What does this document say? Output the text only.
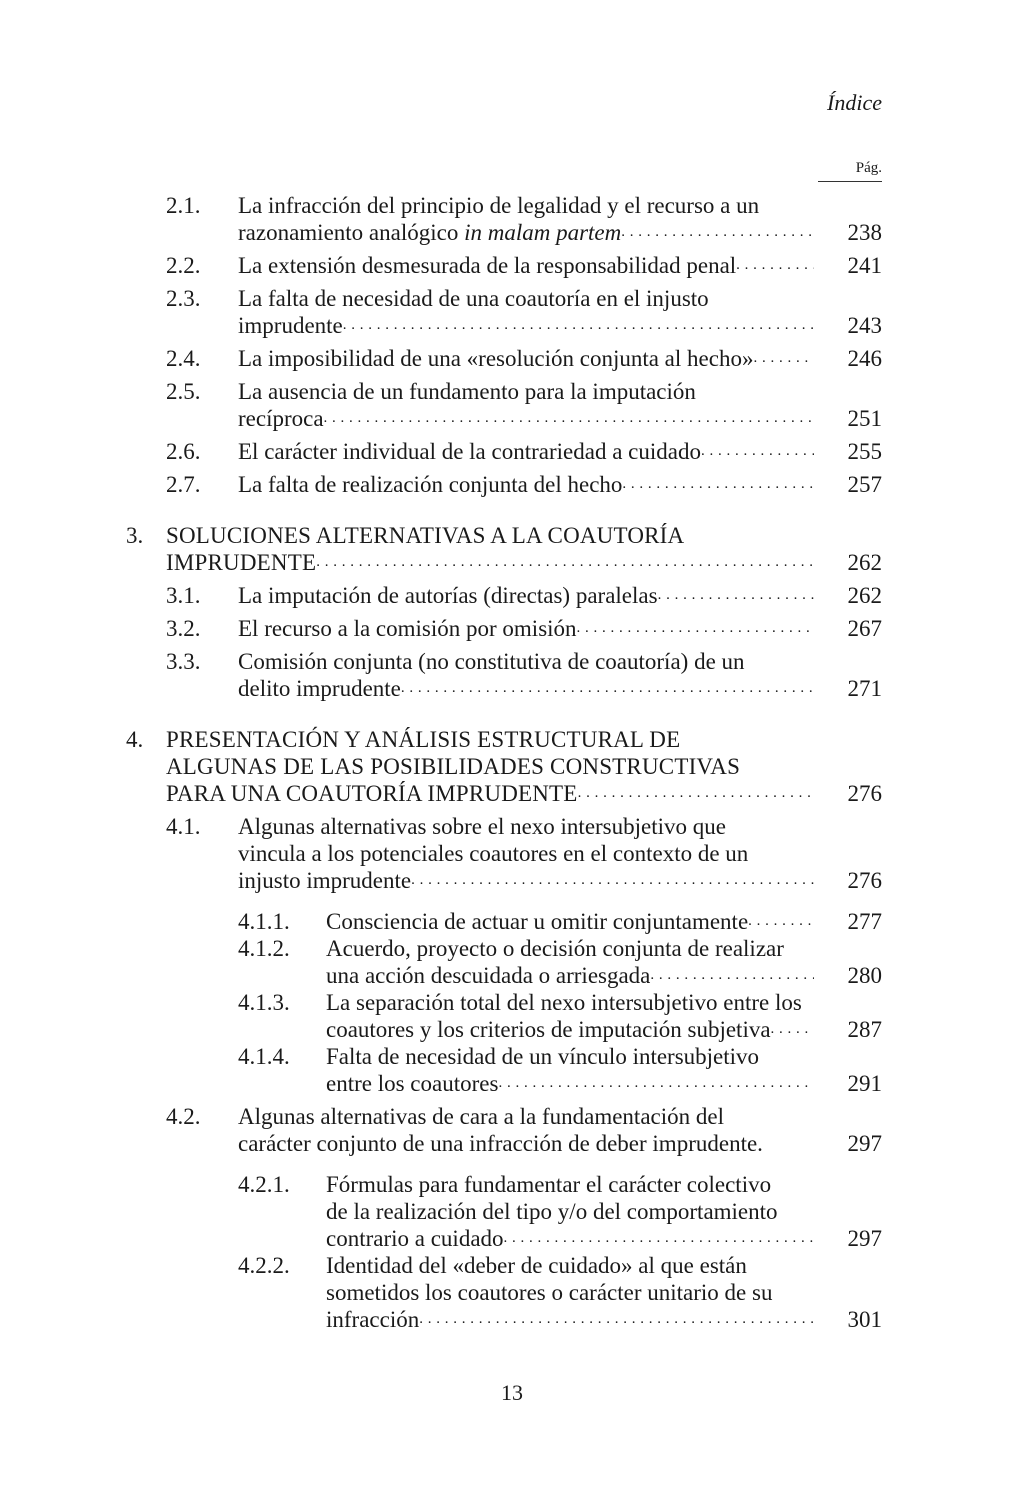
Índice
Pág.
2.1. La infracción del principio de legalidad y el recurso a un
razonamiento analógico in malam partem . . .	238
2.2. La extensión desmesurada de la responsabilidad penal . . .	241
2.3. La falta de necesidad de una coautoría en el injusto
imprudente . . .	243
2.4. La imposibilidad de una «resolución conjunta al hecho» . . .	246
2.5. La ausencia de un fundamento para la imputación
recíproca . . .	251
2.6. El carácter individual de la contrariedad a cuidado . . .	255
2.7. La falta de realización conjunta del hecho . . .	257
3. SOLUCIONES ALTERNATIVAS A LA COAUTORÍA
IMPRUDENTE . . .	262
3.1. La imputación de autorías (directas) paralelas . . .	262
3.2. El recurso a la comisión por omisión . . .	267
3.3. Comisión conjunta (no constitutiva de coautoría) de un
delito imprudente . . .	271
4. PRESENTACIÓN Y ANÁLISIS ESTRUCTURAL DE
ALGUNAS DE LAS POSIBILIDADES CONSTRUCTIVAS
PARA UNA COAUTORÍA IMPRUDENTE . . .	276
4.1. Algunas alternativas sobre el nexo intersubjetivo que
vincula a los potenciales coautores en el contexto de un
injusto imprudente . . .	276
4.1.1. Consciencia de actuar u omitir conjuntamente . . .	277
4.1.2. Acuerdo, proyecto o decisión conjunta de realizar
una acción descuidada o arriesgada . . .	280
4.1.3. La separación total del nexo intersubjetivo entre los
coautores y los criterios de imputación subjetiva . . .	287
4.1.4. Falta de necesidad de un vínculo intersubjetivo
entre los coautores . . .	291
4.2. Algunas alternativas de cara a la fundamentación del
carácter conjunto de una infracción de deber imprudente.	297
4.2.1. Fórmulas para fundamentar el carácter colectivo
de la realización del tipo y/o del comportamiento
contrario a cuidado . . .	297
4.2.2. Identidad del «deber de cuidado» al que están
sometidos los coautores o carácter unitario de su
infracción . . .	301
13
